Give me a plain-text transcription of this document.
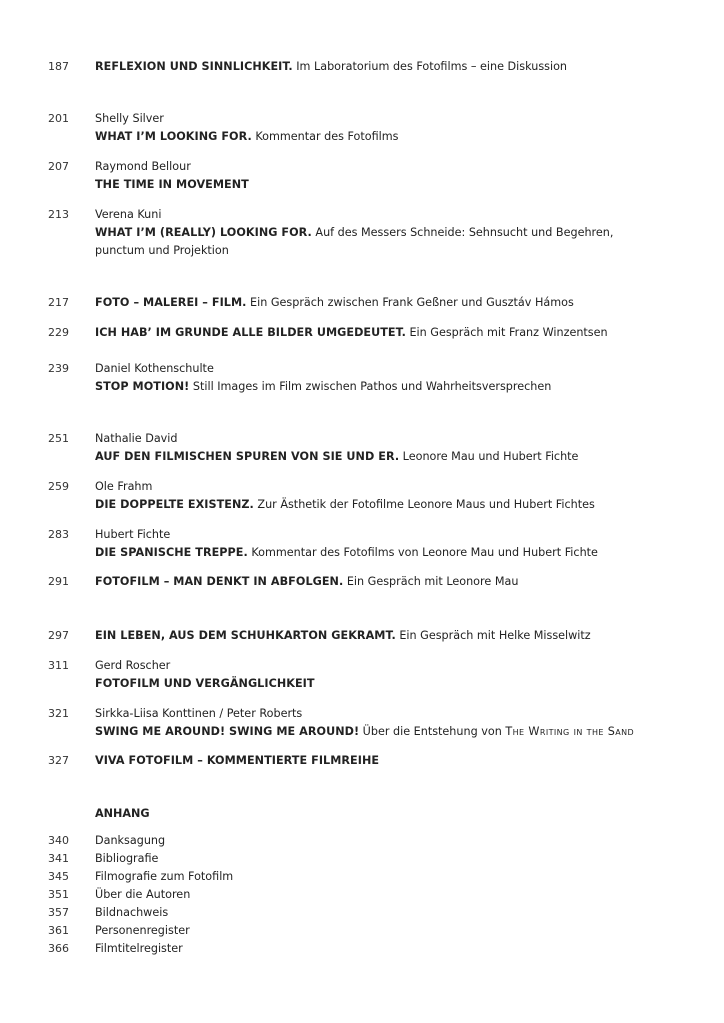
187 REFLEXION UND SINNLICHKEIT. Im Laboratorium des Fotofilms – eine Diskussion
201 Shelly Silver
WHAT I’M LOOKING FOR. Kommentar des Fotofilms
207 Raymond Bellour
THE TIME IN MOVEMENT
213 Verena Kuni
WHAT I’M (REALLY) LOOKING FOR. Auf des Messers Schneide: Sehnsucht und Begehren,
punctum und Projektion
217 FOTO – MALEREI – FILM. Ein Gespräch zwischen Frank Geßner und Gusztáv Hámos
229 ICH HAB’ IM GRUNDE ALLE BILDER UMGEDEUTET. Ein Gespräch mit Franz Winzentsen
239 Daniel Kothenschulte
STOP MOTION! Still Images im Film zwischen Pathos und Wahrheitsversprechen
251 Nathalie David
AUF DEN FILMISCHEN SPUREN VON SIE UND ER. Leonore Mau und Hubert Fichte
259 Ole Frahm
DIE DOPPELTE EXISTENZ. Zur Ästhetik der Fotofilme Leonore Maus und Hubert Fichtes
283 Hubert Fichte
DIE SPANISCHE TREPPE. Kommentar des Fotofilms von Leonore Mau und Hubert Fichte
291 FOTOFILM – MAN DENKT IN ABFOLGEN. Ein Gespräch mit Leonore Mau
297 EIN LEBEN, AUS DEM SCHUHKARTON GEKRAMT. Ein Gespräch mit Helke Misselwitz
311 Gerd Roscher
FOTOFILM UND VERGÄNGLICHKEIT
321 Sirkka-Liisa Konttinen / Peter Roberts
SWING ME AROUND! SWING ME AROUND! Über die Entstehung von The Writing in the Sand
327 VIVA FOTOFILM – KOMMENTIERTE FILMREIHE
ANHANG
340 Danksagung
341 Bibliografie
345 Filmografie zum Fotofilm
351 Über die Autoren
357 Bildnachweis
361 Personenregister
366 Filmtitelregister
